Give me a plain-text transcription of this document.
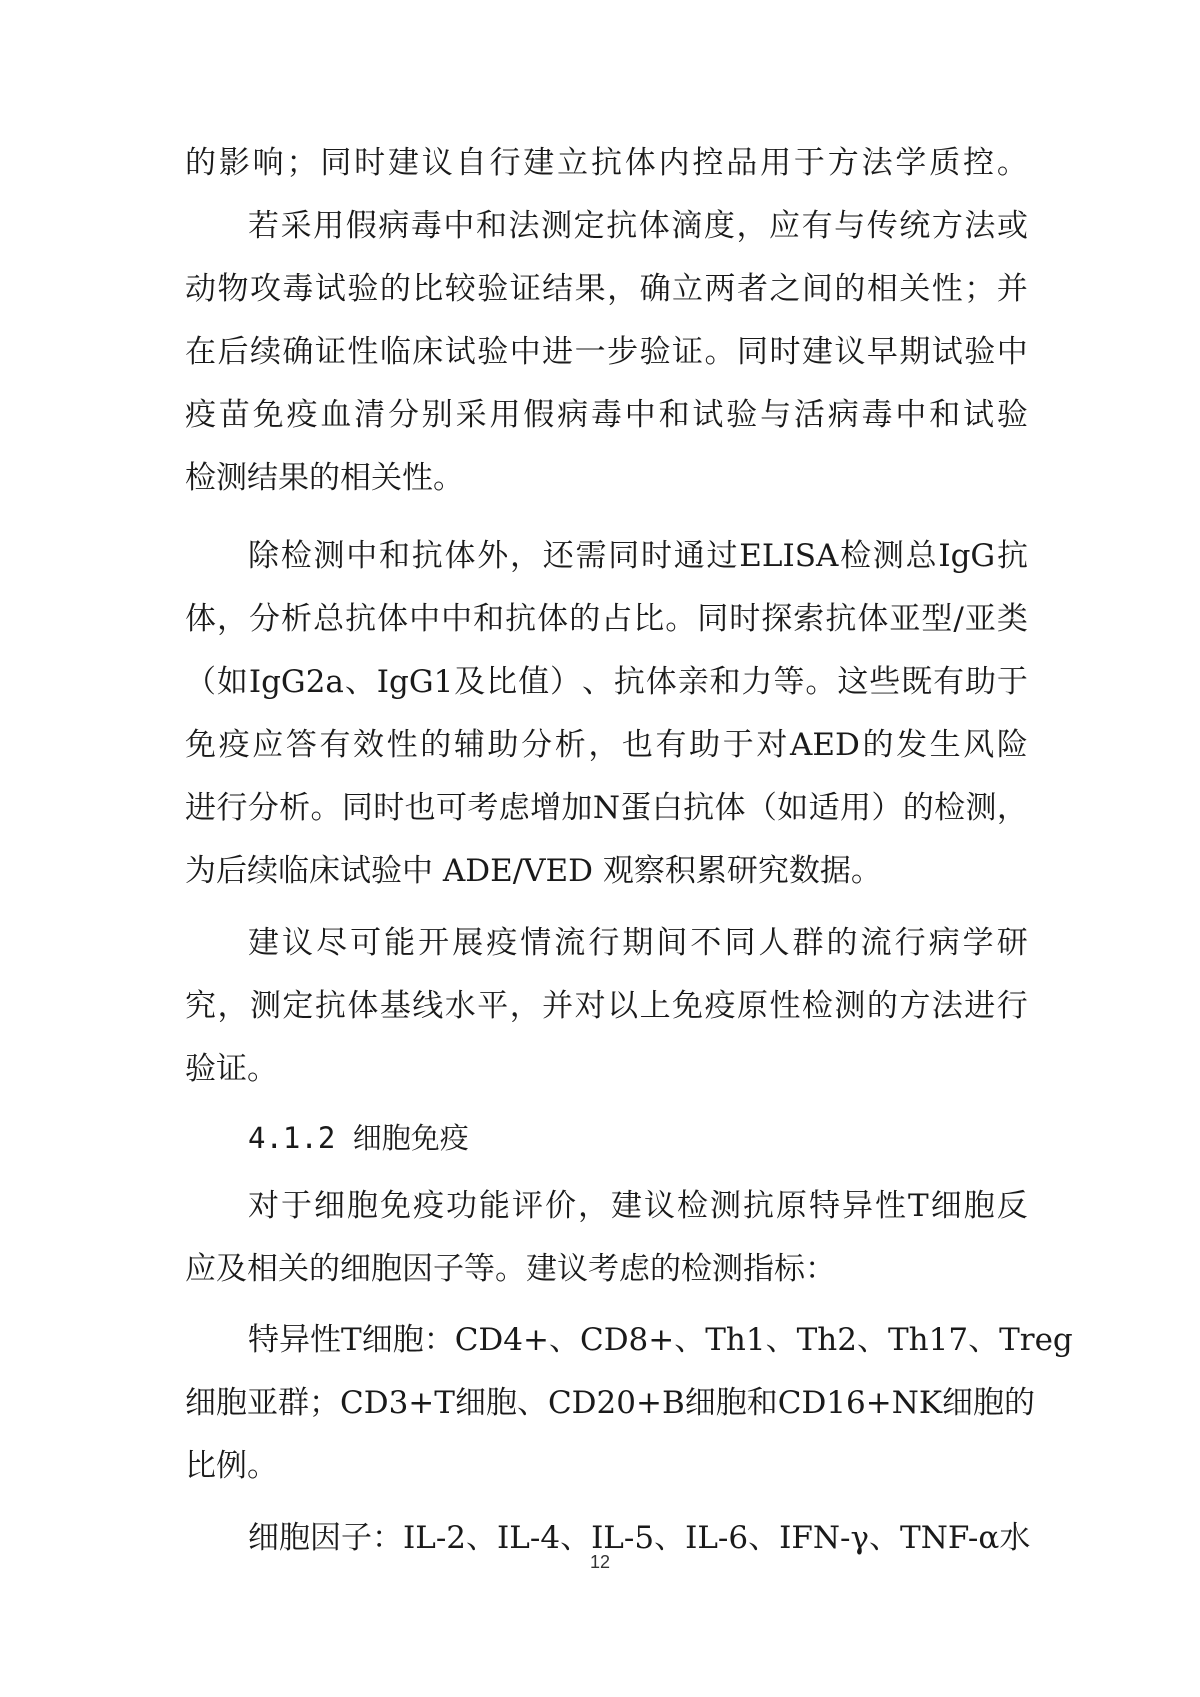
的 影 响 ； 同 时 建 议 自 行 建 立 抗 体 内 控 品 用 于 方 法 学 质 控 。
若 采 用 假 病 毒 中 和 法 测 定 抗 体 滴 度 ， 应 有 与 传 统 方 法 或
动 物 攻 毒 试 验 的 比 较 验 证 结 果 ， 确 立 两 者 之 间 的 相 关 性 ； 并
在 后 续 确 证 性 临 床 试 验 中 进 一 步 验 证 。 同 时 建 议 早 期 试 验 中
疫 苗 免 疫 血 清 分 别 采 用 假 病 毒 中 和 试 验 与 活 病 毒 中 和 试 验
检测结果的相关性。
除 检 测 中 和 抗 体 外 ， 还 需 同 时 通 过 ELISA 检 测 总 IgG 抗
体 ， 分 析 总 抗 体 中 中 和 抗 体 的 占 比 。 同 时 探 索 抗 体 亚 型 / 亚 类
（ 如 IgG2a 、 IgG1 及 比 值 ） 、 抗 体 亲 和 力 等 。 这 些 既 有 助 于
免 疫 应 答 有 效 性 的 辅 助 分 析 ， 也 有 助 于 对 AED 的 发 生 风 险
进 行 分 析 。 同 时 也 可 考 虑 增 加 N 蛋 白 抗 体 （ 如 适 用 ） 的 检 测 ，
为后续临床试验中 ADE/VED 观察积累研究数据。
建 议 尽 可 能 开 展 疫 情 流 行 期 间 不 同 人 群 的 流 行 病 学 研
究 ， 测 定 抗 体 基 线 水 平 ， 并 对 以 上 免 疫 原 性 检 测 的 方 法 进 行
验证。
4.1.2 细胞免疫
对 于 细 胞 免 疫 功 能 评 价 ， 建 议 检 测 抗 原 特 异 性 T 细 胞 反
应及相关的细胞因子等。建议考虑的检测指标：
特 异 性 T 细 胞 ： CD4+ 、 CD8+ 、 Th1 、 Th2 、 Th17 、 Treg
细 胞 亚 群 ； CD3+T 细 胞 、 CD20+B 细 胞 和 CD16+NK 细 胞 的
比例。
细 胞 因 子 ： IL-2 、 IL-4 、 IL-5 、 IL-6 、 IFN-γ 、 TNF-α 水
12
